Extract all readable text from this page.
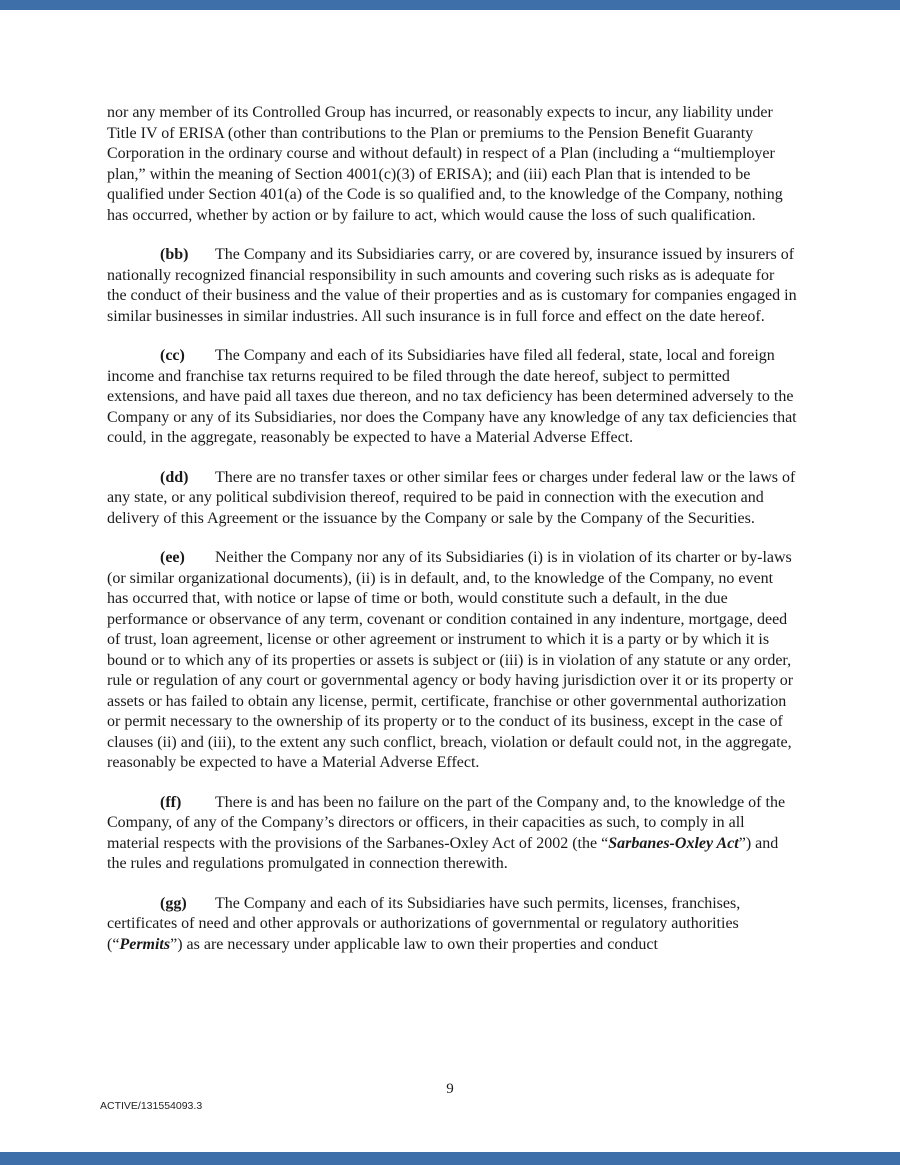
nor any member of its Controlled Group has incurred, or reasonably expects to incur, any liability under Title IV of ERISA (other than contributions to the Plan or premiums to the Pension Benefit Guaranty Corporation in the ordinary course and without default) in respect of a Plan (including a “multiemployer plan,” within the meaning of Section 4001(c)(3) of ERISA); and (iii) each Plan that is intended to be qualified under Section 401(a) of the Code is so qualified and, to the knowledge of the Company, nothing has occurred, whether by action or by failure to act, which would cause the loss of such qualification.

(bb) The Company and its Subsidiaries carry, or are covered by, insurance issued by insurers of nationally recognized financial responsibility in such amounts and covering such risks as is adequate for the conduct of their business and the value of their properties and as is customary for companies engaged in similar businesses in similar industries. All such insurance is in full force and effect on the date hereof.

(cc) The Company and each of its Subsidiaries have filed all federal, state, local and foreign income and franchise tax returns required to be filed through the date hereof, subject to permitted extensions, and have paid all taxes due thereon, and no tax deficiency has been determined adversely to the Company or any of its Subsidiaries, nor does the Company have any knowledge of any tax deficiencies that could, in the aggregate, reasonably be expected to have a Material Adverse Effect.

(dd) There are no transfer taxes or other similar fees or charges under federal law or the laws of any state, or any political subdivision thereof, required to be paid in connection with the execution and delivery of this Agreement or the issuance by the Company or sale by the Company of the Securities.

(ee) Neither the Company nor any of its Subsidiaries (i) is in violation of its charter or by-laws (or similar organizational documents), (ii) is in default, and, to the knowledge of the Company, no event has occurred that, with notice or lapse of time or both, would constitute such a default, in the due performance or observance of any term, covenant or condition contained in any indenture, mortgage, deed of trust, loan agreement, license or other agreement or instrument to which it is a party or by which it is bound or to which any of its properties or assets is subject or (iii) is in violation of any statute or any order, rule or regulation of any court or governmental agency or body having jurisdiction over it or its property or assets or has failed to obtain any license, permit, certificate, franchise or other governmental authorization or permit necessary to the ownership of its property or to the conduct of its business, except in the case of clauses (ii) and (iii), to the extent any such conflict, breach, violation or default could not, in the aggregate, reasonably be expected to have a Material Adverse Effect.

(ff) There is and has been no failure on the part of the Company and, to the knowledge of the Company, of any of the Company’s directors or officers, in their capacities as such, to comply in all material respects with the provisions of the Sarbanes-Oxley Act of 2002 (the “Sarbanes-Oxley Act”) and the rules and regulations promulgated in connection therewith.

(gg) The Company and each of its Subsidiaries have such permits, licenses, franchises, certificates of need and other approvals or authorizations of governmental or regulatory authorities (“Permits”) as are necessary under applicable law to own their properties and conduct

9
ACTIVE/131554093.3
